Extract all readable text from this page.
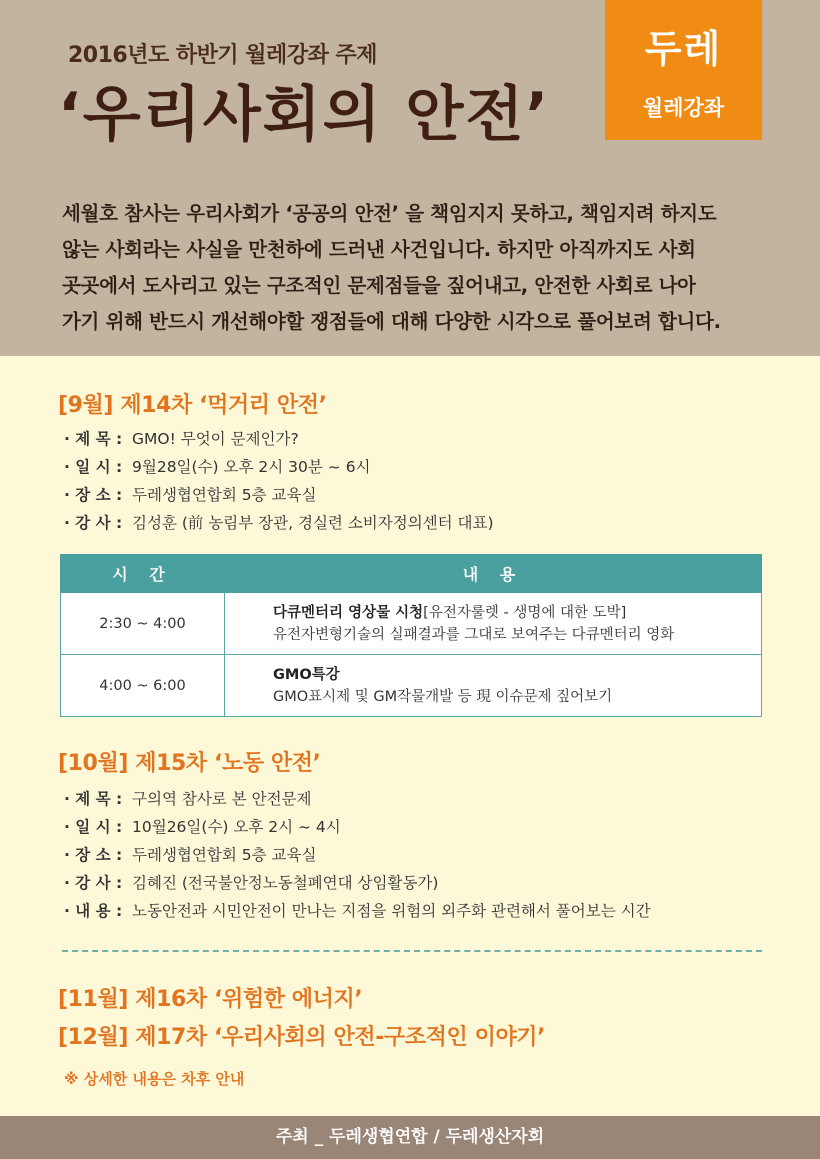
2016년도 하반기 월레강좌 주제
‘우리사회의 안전’
두레
월레강좌
세월호 참사는 우리사회가 ‘공공의 안전’ 을 책임지지 못하고, 책임지려 하지도
않는 사회라는 사실을 만천하에 드러낸 사건입니다. 하지만 아직까지도 사회
곳곳에서 도사리고 있는 구조적인 문제점들을 짚어내고, 안전한 사회로 나아
가기 위해 반드시 개선해야할 쟁점들에 대해 다양한 시각으로 풀어보려 합니다.
[9월] 제14차 ‘먹거리 안전’
· 제 목 : GMO! 무엇이 문제인가?
· 일 시 : 9월28일(수) 오후 2시 30분 ~ 6시
· 장 소 : 두레생협연합회 5층 교육실
· 강 사 : 김성훈 (前 농림부 장관, 경실련 소비자정의센터 대표)
시 간	내 용
2:30 ~ 4:00	다큐멘터리 영상물 시청[유전자룰렛 - 생명에 대한 도박]
유전자변형기술의 실패결과를 그대로 보여주는 다큐멘터리 영화

4:00 ~ 6:00	GMO특강
GMO표시제 및 GM작물개발 등 現 이슈문제 짚어보기
[10월] 제15차 ‘노동 안전’
· 제 목 : 구의역 참사로 본 안전문제
· 일 시 : 10월26일(수) 오후 2시 ~ 4시
· 장 소 : 두레생협연합회 5층 교육실
· 강 사 : 김혜진 (전국불안정노동철폐연대 상임활동가)
· 내 용 : 노동안전과 시민안전이 만나는 지점을 위험의 외주화 관련해서 풀어보는 시간
[11월] 제16차 ‘위험한 에너지’
[12월] 제17차 ‘우리사회의 안전-구조적인 이야기’
※ 상세한 내용은 차후 안내
주최 _ 두레생협연합 / 두레생산자회
